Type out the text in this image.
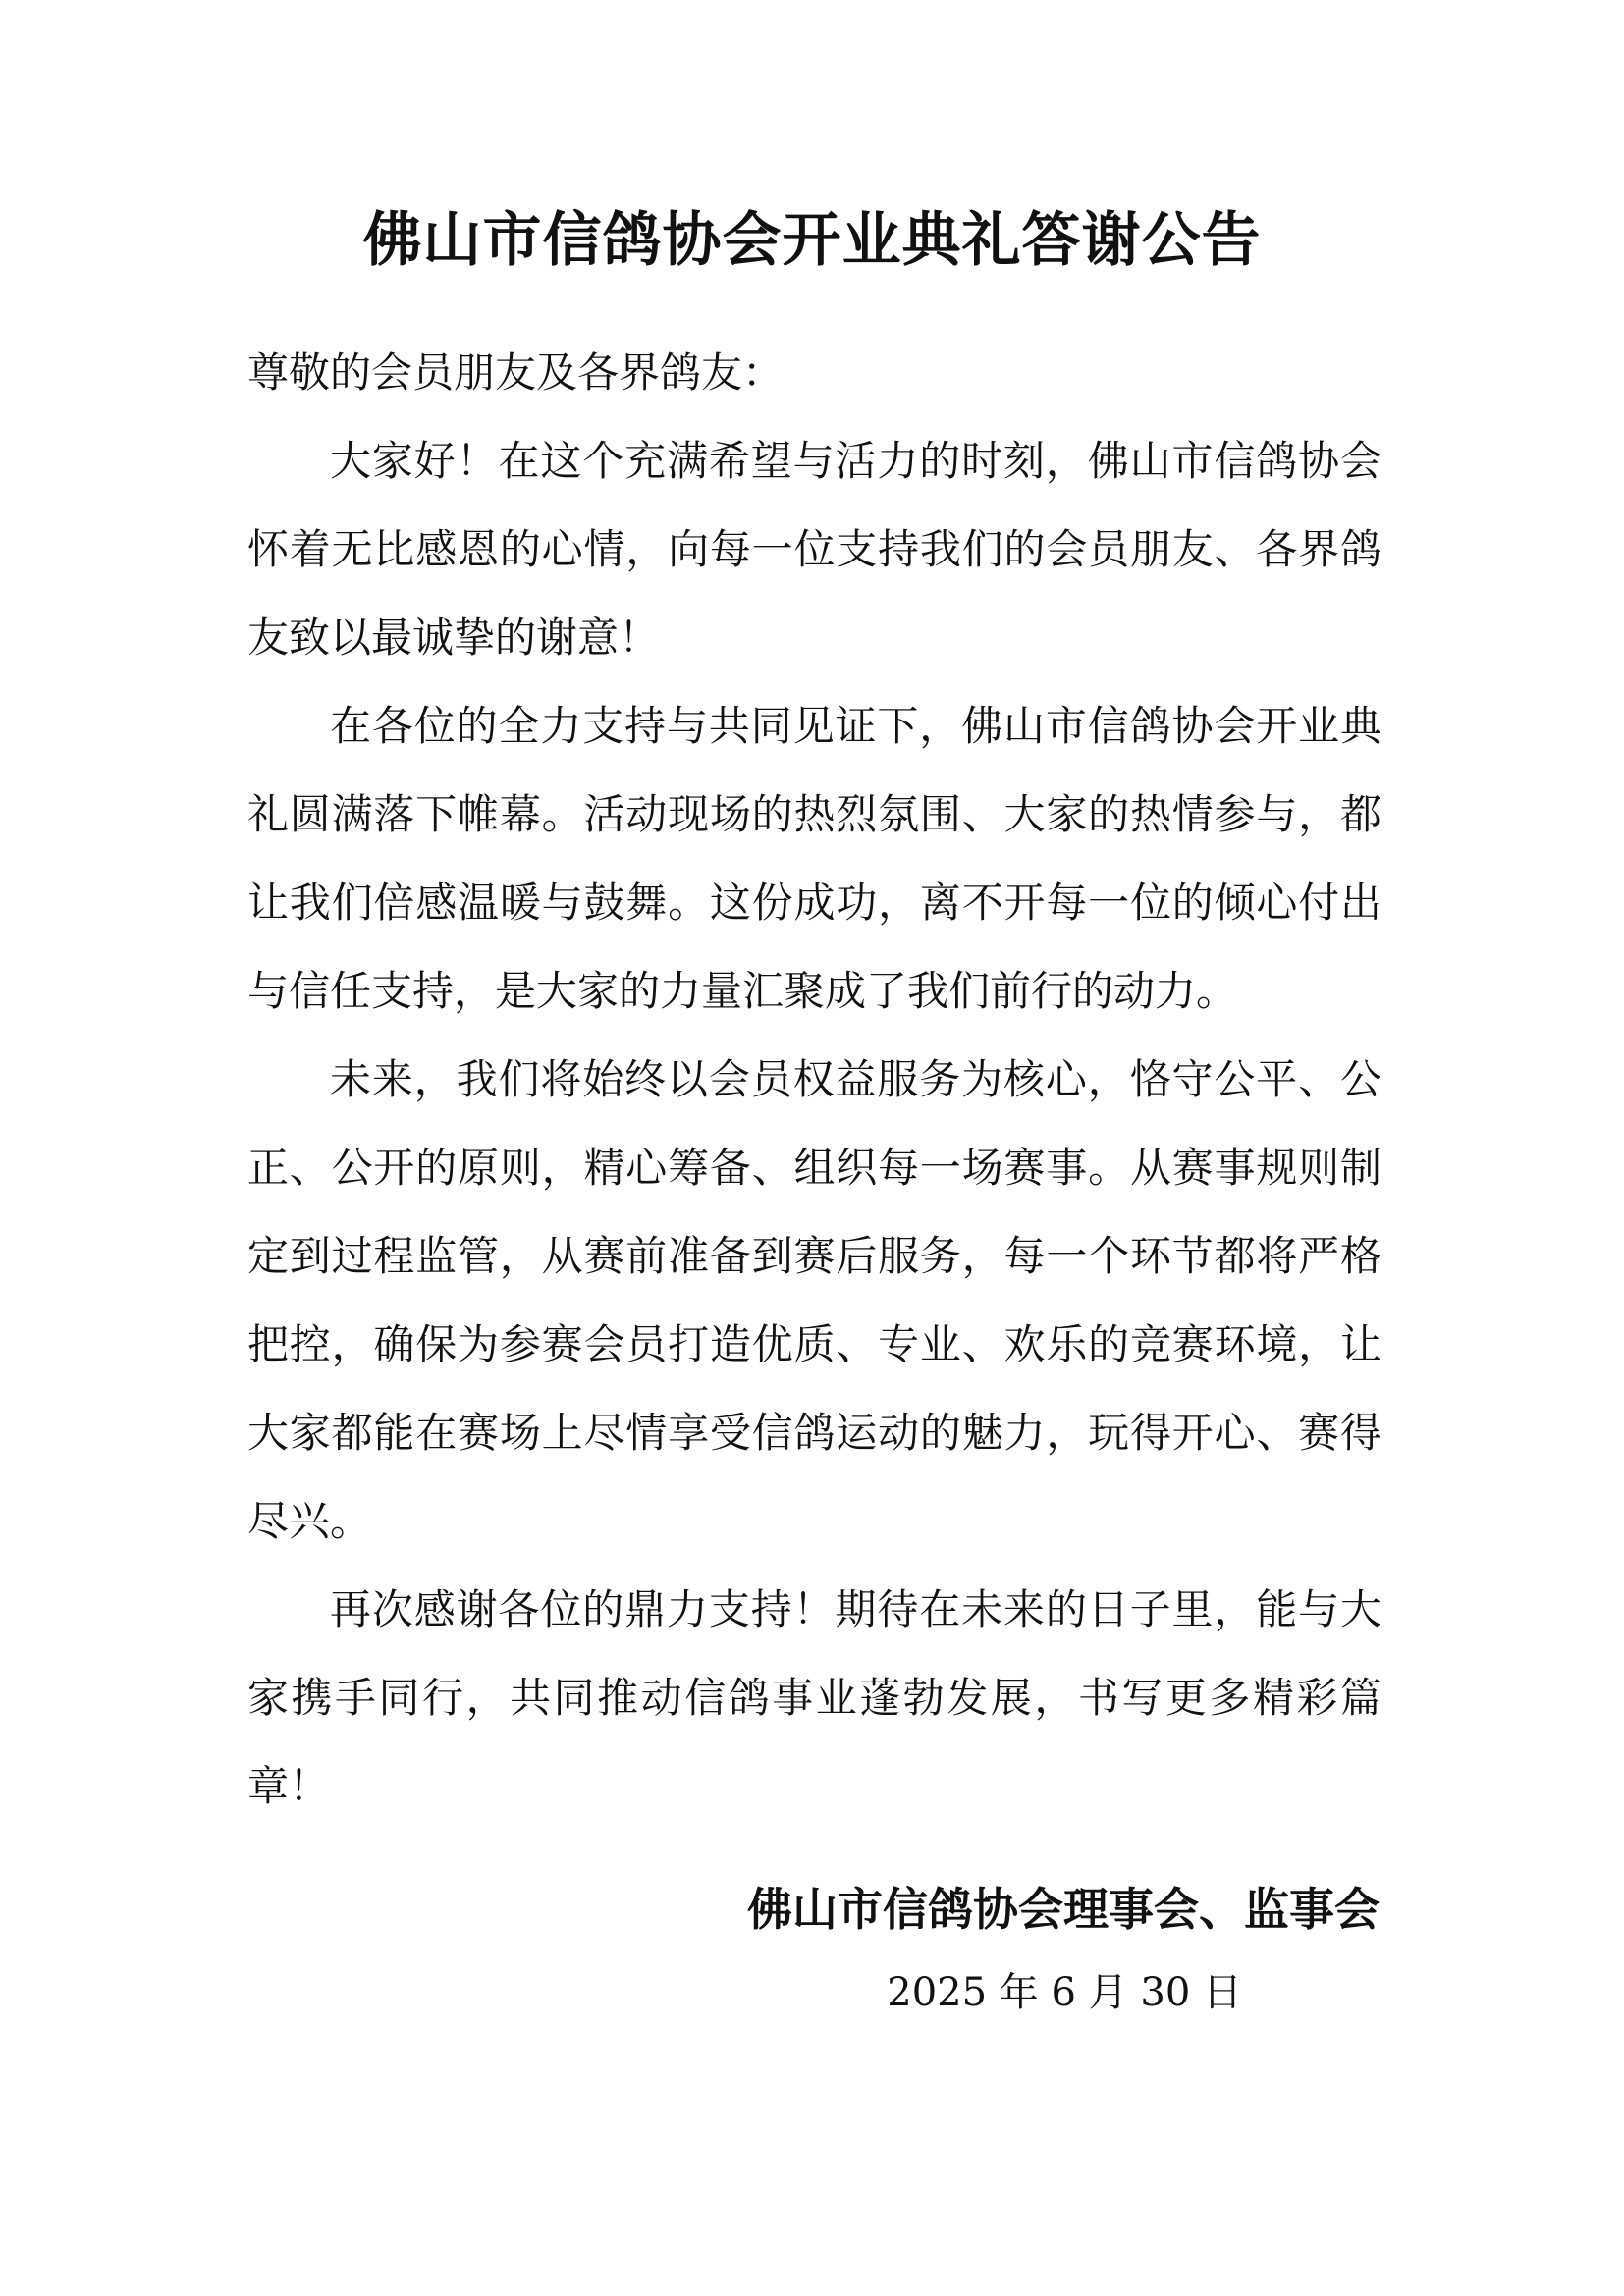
佛山市信鸽协会开业典礼答谢公告

尊敬的会员朋友及各界鸽友：

大家好！在这个充满希望与活力的时刻，佛山市信鸽协会怀着无比感恩的心情，向每一位支持我们的会员朋友、各界鸽友致以最诚挚的谢意！

在各位的全力支持与共同见证下，佛山市信鸽协会开业典礼圆满落下帷幕。活动现场的热烈氛围、大家的热情参与，都让我们倍感温暖与鼓舞。这份成功，离不开每一位的倾心付出与信任支持，是大家的力量汇聚成了我们前行的动力。

未来，我们将始终以会员权益服务为核心，恪守公平、公正、公开的原则，精心筹备、组织每一场赛事。从赛事规则制定到过程监管，从赛前准备到赛后服务，每一个环节都将严格把控，确保为参赛会员打造优质、专业、欢乐的竞赛环境，让大家都能在赛场上尽情享受信鸽运动的魅力，玩得开心、赛得尽兴。

再次感谢各位的鼎力支持！期待在未来的日子里，能与大家携手同行，共同推动信鸽事业蓬勃发展，书写更多精彩篇章！

佛山市信鸽协会理事会、监事会

2025 年 6 月 30 日
